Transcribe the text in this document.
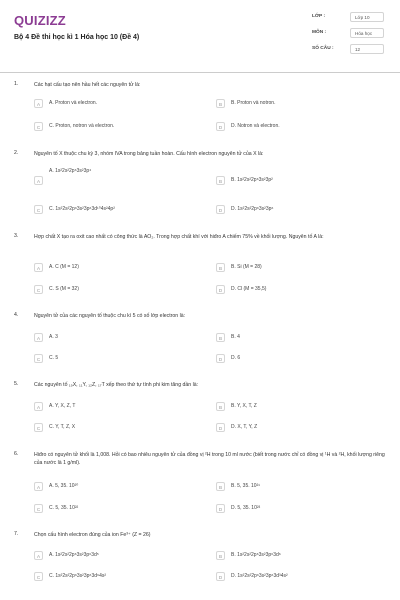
QUIZIZZ
Bộ 4 Đề thi học kì 1 Hóa học 10 (Đề 4)
LỚP :	Lớp 10
MÔN :	Hóa học
SỐ CÂU :	12
1.	Các hạt cấu tạo nên hầu hết các nguyên tử là:
A	A. Proton và electron.	B	B. Proton và notron.
C	C. Proton, notron và electron.	D	D. Notron và electron.
2.	Nguyên tố X thuộc chu kỳ 3, nhóm IVA trong bảng tuần hoàn. Cấu hình electron nguyên tử của X là:
A
A. 1s²2s²2p⁶3s²3p⁴
B	B. 1s²2s²2p⁶3s²3p²
C	C. 1s²2s²2p⁶3s²3p⁶3d¹⁰4s²4p²	D	D. 1s²2s²2p⁶3s²3p⁶
3.	Hợp chất X tạo ra oxit cao nhất có công thức là AO₂. Trong hợp chất khí với hiđro A chiếm 75% về khối lượng. Nguyên tố A là:
A	A. C (M = 12)	B	B. Si (M = 28)
C	C. S (M = 32)	D	D. Cl (M = 35,5)
4.	Nguyên tử của các nguyên tố thuộc chu kì 5 có số lớp electron là:
A	A. 3	B	B. 4
C	C. 5	D	D. 6
5.	Các nguyên tố ₁₉X, ₁₁Y, ₁₂Z, ₁₇T xếp theo thứ tự tính phi kim tăng dần là:
A	A. Y, X, Z, T	B	B. Y, X, T, Z
C	C. Y, T, Z, X	D	D. X, T, Y, Z
6.	Hiđro có nguyên tử khối là 1,008. Hỏi có bao nhiêu nguyên tử của đồng vị ²H trong 10 ml nước (biết trong nước chỉ có đồng vị ¹H và ²H, khối lượng riêng của nước là 1 g/ml).
A	A. 5, 35. 10²⁰	B	B. 5, 35. 10²¹
C	C. 5, 35. 10²²	D	D. 5, 35. 10²³
7.	Chọn cấu hình electron đúng của ion Fe³⁺ (Z = 26)
A	A. 1s²2s²2p⁶3s²3p⁶3d⁵	B	B. 1s²2s²2p⁶3s²3p⁶3d⁶
C	C. 1s²2s²2p⁶3s²3p⁶3d⁶4s²	D	D. 1s²2s²2p⁶3s²3p⁶3d³4s²
